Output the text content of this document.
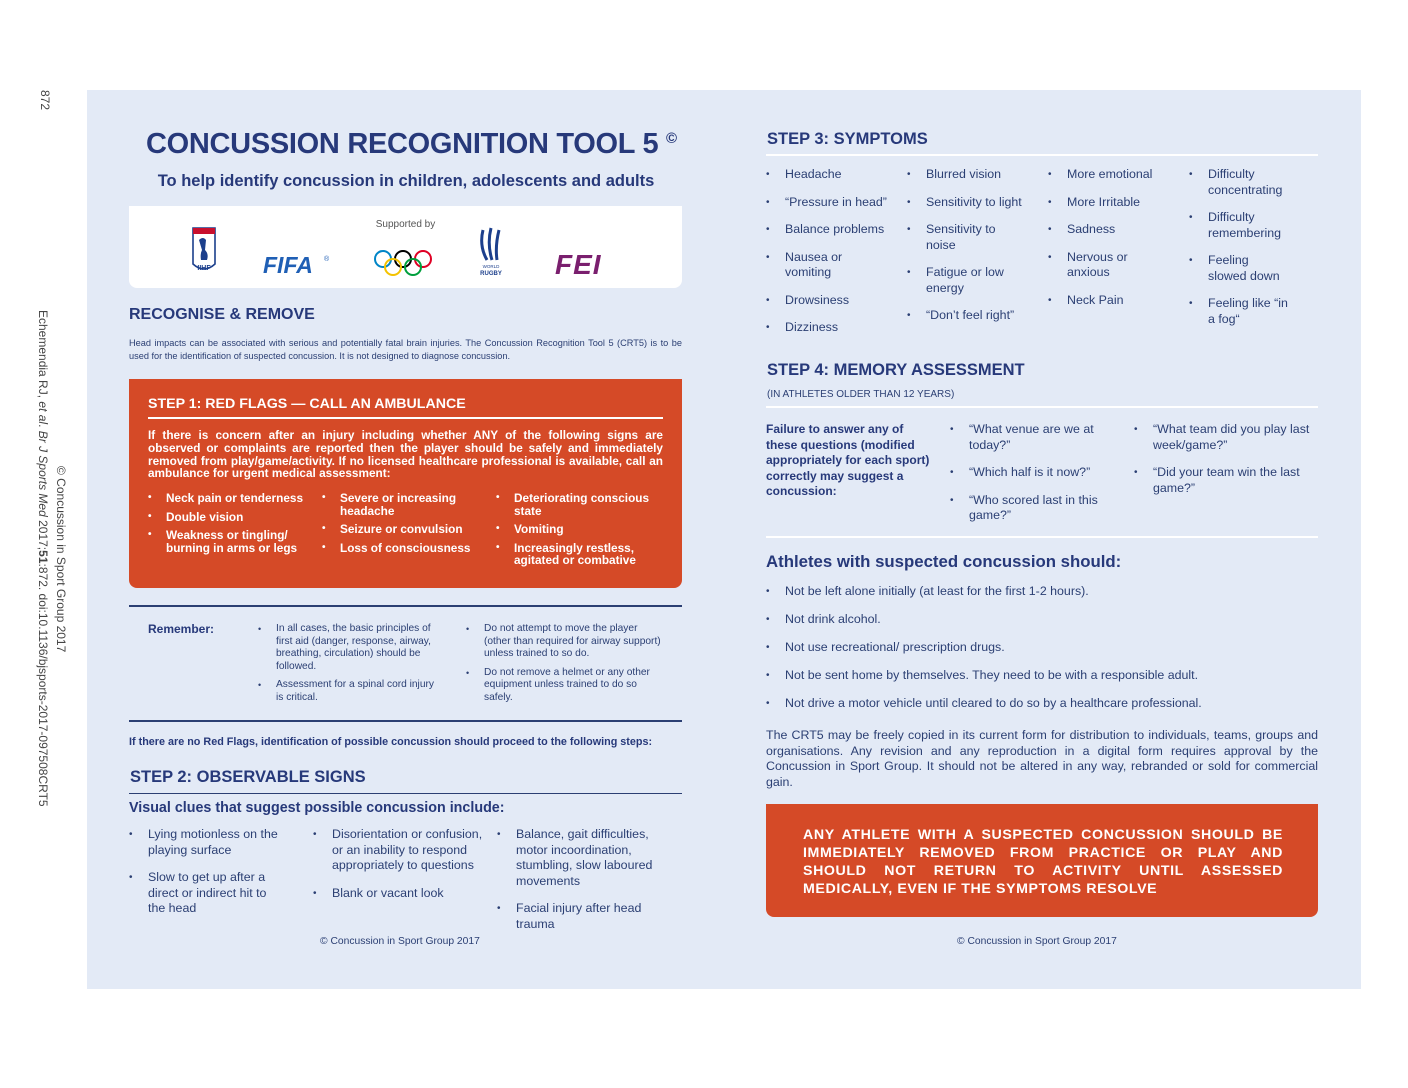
872
© Concussion in Sport Group 2017
Echemendia RJ, et al. Br J Sports Med 2017;51:872. doi:10.1136/bjsports-2017-097508CRT5
CONCUSSION RECOGNITION TOOL 5 ©
To help identify concussion in children, adolescents and adults
Supported by
IIHF FIFA ®
WORLD
RUGBY FEI
RECOGNISE & REMOVE
Head impacts can be associated with serious and potentially fatal brain injuries. The Concussion Recognition Tool 5 (CRT5) is to be used for the identification of suspected concussion. It is not designed to diagnose concussion.
STEP 1: RED FLAGS — CALL AN AMBULANCE
If there is concern after an injury including whether ANY of the following signs are observed or complaints are reported then the player should be safely and immediately removed from play/game/activity. If no licensed healthcare professional is available, call an ambulance for urgent medical assessment:
• Neck pain or tenderness
• Double vision
• Weakness or tingling/ burning in arms or legs
• Severe or increasing headache
• Seizure or convulsion
• Loss of consciousness
• Deteriorating conscious state
• Vomiting
• Increasingly restless, agitated or combative
Remember:
•	In all cases, the basic principles of first aid (danger, response, airway, breathing, circulation) should be followed.
• Assessment for a spinal cord injury is critical.
• Do not attempt to move the player (other than required for airway support) unless trained to so do.
• Do not remove a helmet or any other equipment unless trained to do so safely.
If there are no Red Flags, identification of possible concussion should proceed to the following steps:
STEP 2: OBSERVABLE SIGNS
Visual clues that suggest possible concussion include:
• Lying motionless on the playing surface
• Slow to get up after a direct or indirect hit to the head
• Disorientation or confusion, or an inability to respond appropriately to questions
• Blank or vacant look
• Balance, gait difficulties, motor incoordination, stumbling, slow laboured movements
• Facial injury after head trauma
© Concussion in Sport Group 2017
STEP 3: SYMPTOMS
• Headache
• “Pressure in head”
• Balance problems
• Nausea or vomiting
• Drowsiness
• Dizziness
• Blurred vision
• Sensitivity to light
• Sensitivity to noise
• Fatigue or low energy
• “Don’t feel right”
• More emotional
• More Irritable
• Sadness
• Nervous or anxious
• Neck Pain
• Difficulty concentrating
• Difficulty remembering
• Feeling slowed down
• Feeling like “in a fog“
STEP 4: MEMORY ASSESSMENT
(IN ATHLETES OLDER THAN 12 YEARS)
Failure to answer any of these questions (modified appropriately for each sport) correctly may suggest a concussion:
• “What venue are we at today?”
• “Which half is it now?”
• “Who scored last in this game?”
• “What team did you play last week/game?”
• “Did your team win the last game?”
Athletes with suspected concussion should:
• Not be left alone initially (at least for the first 1-2 hours).
• Not drink alcohol.
• Not use recreational/ prescription drugs.
• Not be sent home by themselves. They need to be with a responsible adult.
• Not drive a motor vehicle until cleared to do so by a healthcare professional.
The CRT5 may be freely copied in its current form for distribution to individuals, teams, groups and organisations. Any revision and any reproduction in a digital form requires approval by the Concussion in Sport Group. It should not be altered in any way, rebranded or sold for commercial gain.
ANY ATHLETE WITH A SUSPECTED CONCUSSION SHOULD BE IMMEDIATELY REMOVED FROM PRACTICE OR PLAY AND SHOULD NOT RETURN TO ACTIVITY UNTIL ASSESSED MEDICALLY, EVEN IF THE SYMPTOMS RESOLVE
© Concussion in Sport Group 2017
